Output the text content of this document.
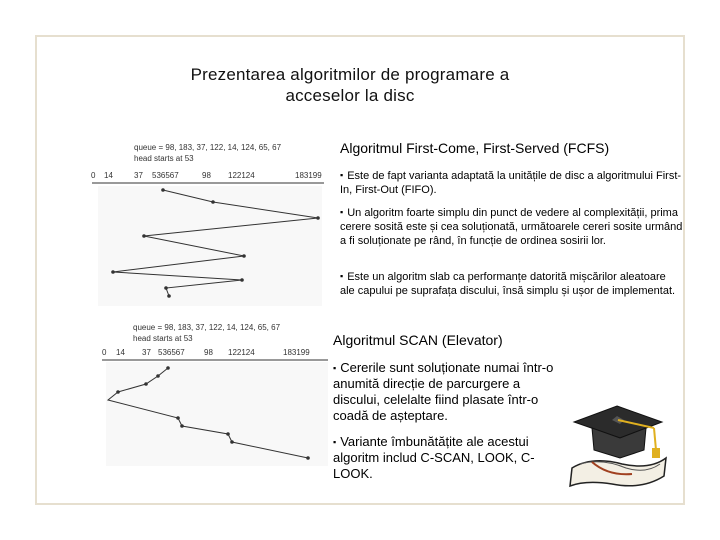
Prezentarea algoritmilor de programare a
acceselor la disc
queue = 98, 183, 37, 122, 14, 124, 65, 67
head starts at 53
0 14	37 536567	98 122124	183199
Algoritmul First-Come, First-Served (FCFS)
▪ Este de fapt varianta adaptată la unitățile de disc a algoritmului First-In, First-Out (FIFO).
▪ Un algoritm foarte simplu din punct de vedere al complexității, prima cerere sosită este și cea soluționată, următoarele cereri sosite urmând a fi soluționate pe rând, în funcție de ordinea sosirii lor.
▪ Este un algoritm slab ca performanțe datorită mișcărilor aleatoare ale capului pe suprafața discului, însă simplu și ușor de implementat.
queue = 98, 183, 37, 122, 14, 124, 65, 67
head starts at 53
0 14 37 536567 98 122124	183199
Algoritmul SCAN (Elevator)
▪ Cererile sunt soluționate numai într-o anumită direcție de parcurgere a discului, celelalte fiind plasate într-o coadă de așteptare.
▪ Variante îmbunătățite ale acestui algoritm includ C-SCAN, LOOK, C-LOOK.
